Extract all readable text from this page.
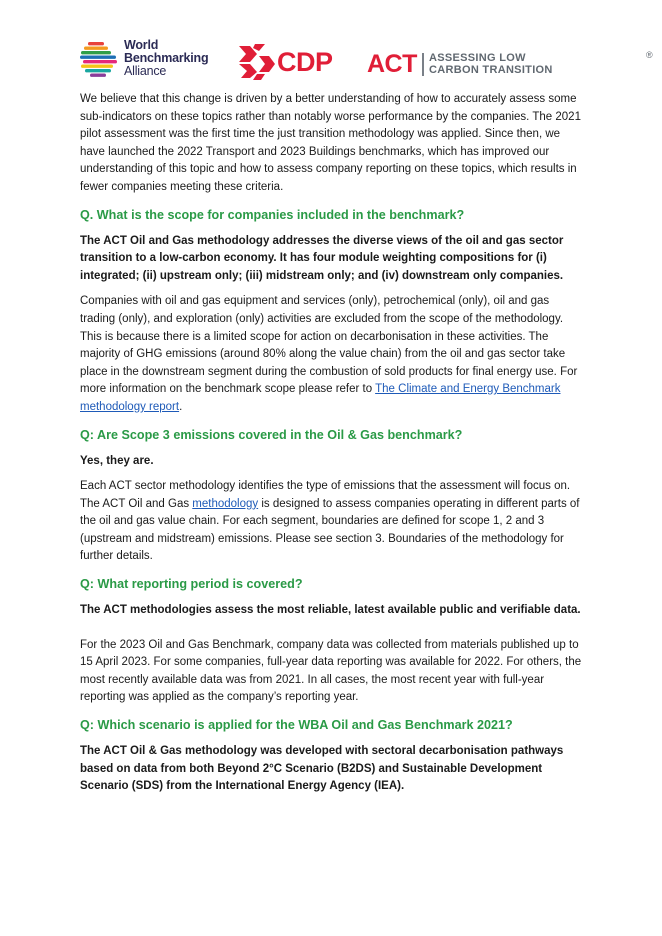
World
Benchmarking
Alliance	CDP ACT ASSESSING LOW
CARBON TRANSITION
®

We believe that this change is driven by a better understanding of how to accurately assess some sub-indicators on these topics rather than notably worse performance by the companies. The 2021 pilot assessment was the first time the just transition methodology was applied. Since then, we have launched the 2022 Transport and 2023 Buildings benchmarks, which has improved our understanding of this topic and how to assess company reporting on these topics, which results in fewer companies meeting these criteria.

Q. What is the scope for companies included in the benchmark?

The ACT Oil and Gas methodology addresses the diverse views of the oil and gas sector transition to a low-carbon economy. It has four module weighting compositions for (i) integrated; (ii) upstream only; (iii) midstream only; and (iv) downstream only companies.

Companies with oil and gas equipment and services (only), petrochemical (only), oil and gas trading (only), and exploration (only) activities are excluded from the scope of the methodology. This is because there is a limited scope for action on decarbonisation in these activities. The majority of GHG emissions (around 80% along the value chain) from the oil and gas sector take place in the downstream segment during the combustion of sold products for final energy use. For more information on the benchmark scope please refer to The Climate and Energy Benchmark methodology report.

Q: Are Scope 3 emissions covered in the Oil & Gas benchmark?

Yes, they are.

Each ACT sector methodology identifies the type of emissions that the assessment will focus on. The ACT Oil and Gas methodology is designed to assess companies operating in different parts of the oil and gas value chain. For each segment, boundaries are defined for scope 1, 2 and 3 (upstream and midstream) emissions. Please see section 3. Boundaries of the methodology for further details.

Q: What reporting period is covered?

The ACT methodologies assess the most reliable, latest available public and verifiable data.

For the 2023 Oil and Gas Benchmark, company data was collected from materials published up to 15 April 2023. For some companies, full-year data reporting was available for 2022. For others, the most recently available data was from 2021. In all cases, the most recent year with full-year reporting was applied as the company’s reporting year.

Q: Which scenario is applied for the WBA Oil and Gas Benchmark 2021?

The ACT Oil & Gas methodology was developed with sectoral decarbonisation pathways based on data from both Beyond 2°C Scenario (B2DS) and Sustainable Development Scenario (SDS) from the International Energy Agency (IEA).
